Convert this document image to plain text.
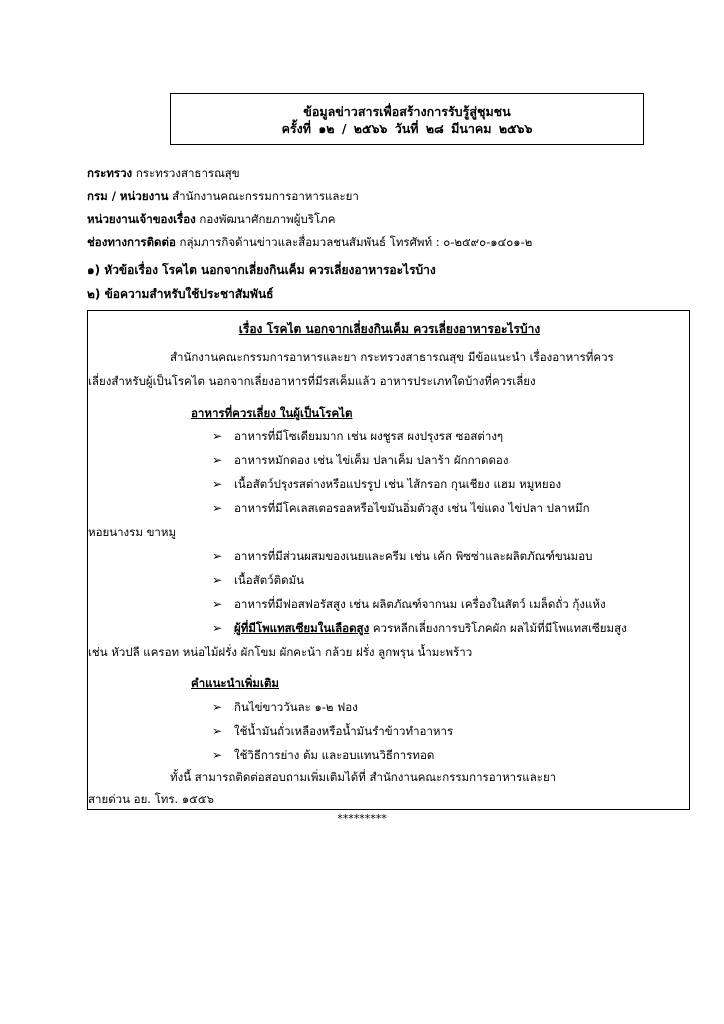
ข้อมูลข่าวสารเพื่อสร้างการรับรู้สู่ชุมชน
ครั้งที่ ๑๒ / ๒๕๖๖ วันที่ ๒๘ มีนาคม ๒๕๖๖
กระทรวง กระทรวงสาธารณสุข
กรม / หน่วยงาน สำนักงานคณะกรรมการอาหารและยา
หน่วยงานเจ้าของเรื่อง กองพัฒนาศักยภาพผู้บริโภค
ช่องทางการติดต่อ กลุ่มภารกิจด้านข่าวและสื่อมวลชนสัมพันธ์ โทรศัพท์ : ๐-๒๕๙๐-๑๔๐๑-๒
๑) หัวข้อเรื่อง โรคไต นอกจากเลี่ยงกินเค็ม ควรเลี่ยงอาหารอะไรบ้าง
๒) ข้อความสำหรับใช้ประชาสัมพันธ์
เรื่อง โรคไต นอกจากเลี่ยงกินเค็ม ควรเลี่ยงอาหารอะไรบ้าง
สำนักงานคณะกรรมการอาหารและยา กระทรวงสาธารณสุข มีข้อแนะนำ เรื่องอาหารที่ควร
เลี่ยงสำหรับผู้เป็นโรคไต นอกจากเลี่ยงอาหารที่มีรสเค็มแล้ว อาหารประเภทใดบ้างที่ควรเลี่ยง
อาหารที่ควรเลี่ยง ในผู้เป็นโรคไต
➢ อาหารที่มีโซเดียมมาก เช่น ผงชูรส ผงปรุงรส ซอสต่างๆ
➢ อาหารหมักดอง เช่น ไข่เค็ม ปลาเค็ม ปลาร้า ผักกาดดอง
➢ เนื้อสัตว์ปรุงรสต่างหรือแปรรูป เช่น ไส้กรอก กุนเชียง แฮม หมูหยอง
➢ อาหารที่มีโคเลสเตอรอลหรือไขมันอิ่มตัวสูง เช่น ไข่แดง ไข่ปลา ปลาหมึก
หอยนางรม ขาหมู
➢ อาหารที่มีส่วนผสมของเนยและครีม เช่น เค้ก พิซซ่าและผลิตภัณฑ์ขนมอบ
➢ เนื้อสัตว์ติดมัน
➢ อาหารที่มีฟอสฟอรัสสูง เช่น ผลิตภัณฑ์จากนม เครื่องในสัตว์ เมล็ดถั่ว กุ้งแห้ง
➢ ผู้ที่มีโพแทสเซียมในเลือดสูง ควรหลีกเลี่ยงการบริโภคผัก ผลไม้ที่มีโพแทสเซียมสูง
เช่น หัวปลี แครอท หน่อไม้ฝรั่ง ผักโขม ผักคะน้า กล้วย ฝรั่ง ลูกพรุน น้ำมะพร้าว
คำแนะนำเพิ่มเติม
➢ กินไข่ขาววันละ ๑-๒ ฟอง
➢ ใช้น้ำมันถั่วเหลืองหรือน้ำมันรำข้าวทำอาหาร
➢ ใช้วิธีการย่าง ต้ม และอบแทนวิธีการทอด
ทั้งนี้ สามารถติดต่อสอบถามเพิ่มเติมได้ที่ สำนักงานคณะกรรมการอาหารและยา
สายด่วน อย. โทร. ๑๕๕๖
*********
